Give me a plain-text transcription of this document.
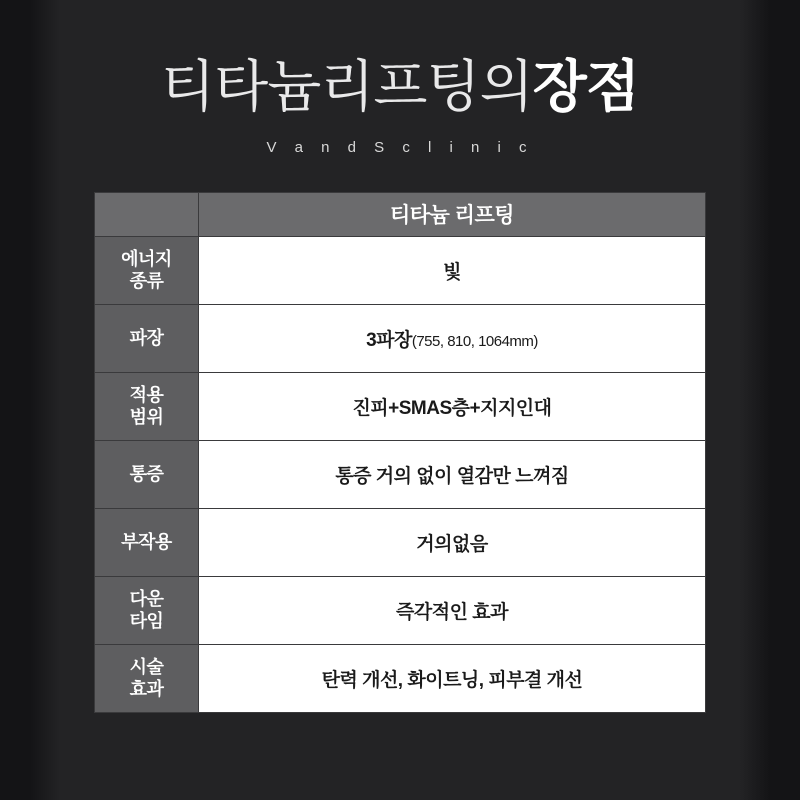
티타늄리프팅의장점
V a n d S c l i n i c
	티타늄 리프팅

에너지
종류	빛

파장	3파장(755, 810, 1064mm)

적용
범위	진피+SMAS층+지지인대

통증	통증 거의 없이 열감만 느껴짐

부작용	거의없음

다운
타임	즉각적인 효과

시술
효과	탄력 개선, 화이트닝, 피부결 개선
